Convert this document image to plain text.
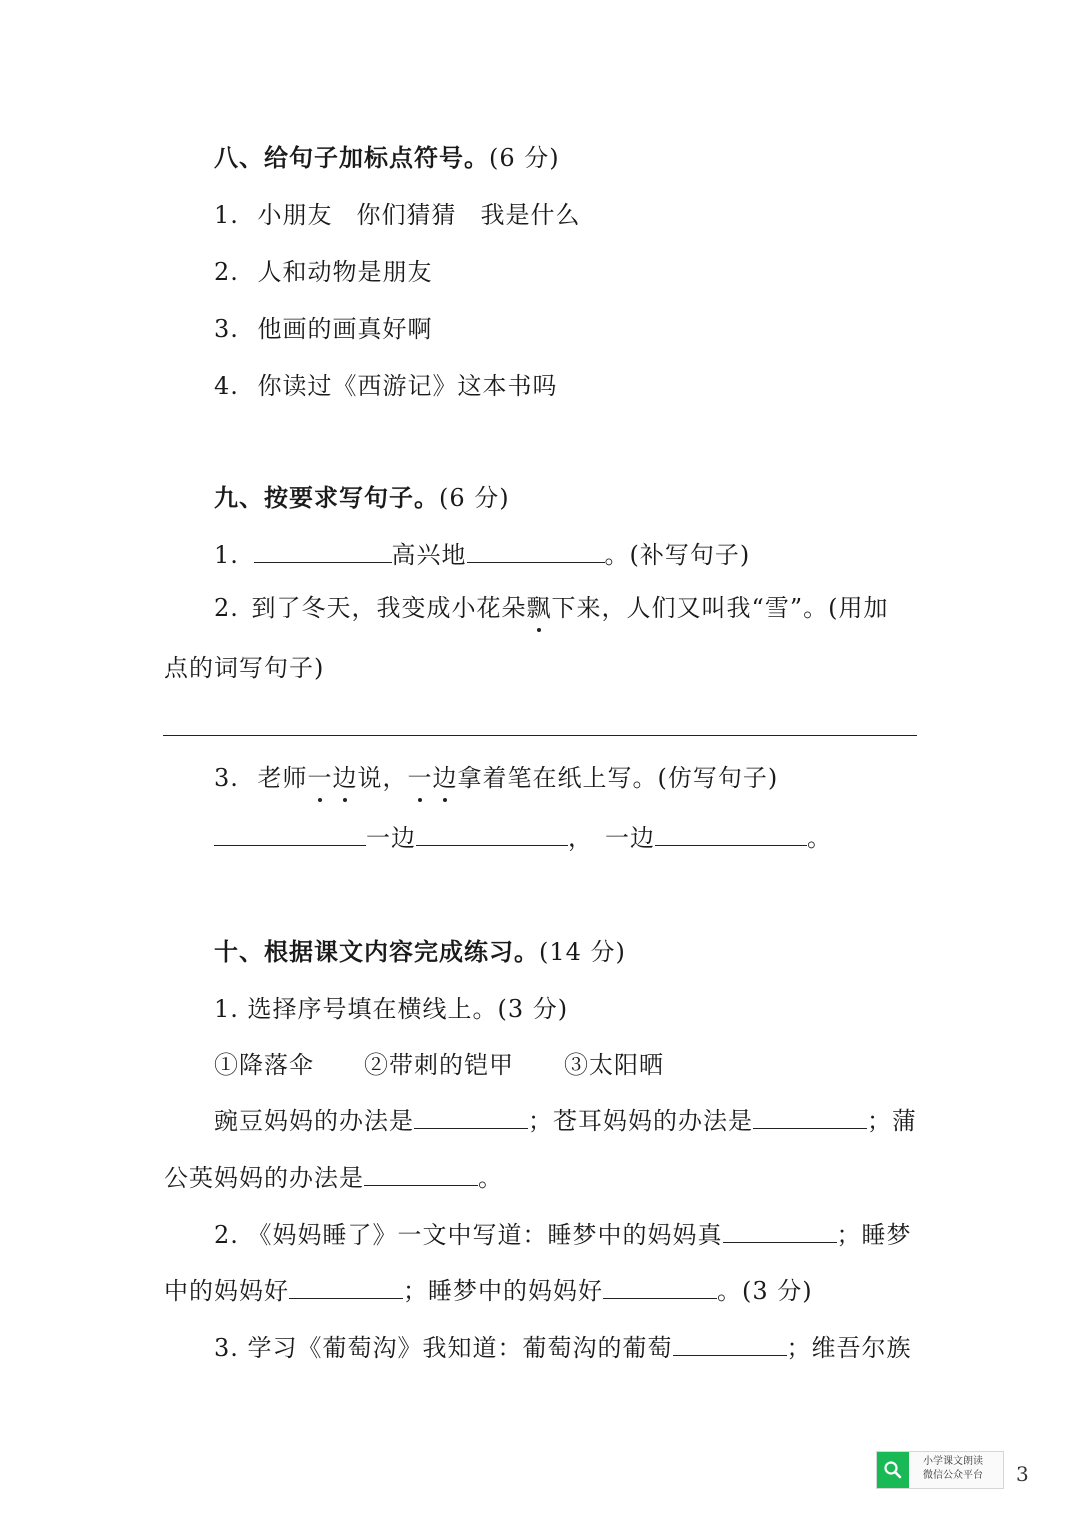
八、给句子加标点符号。(6 分)
1. 小朋友 你们猜猜 我是什么
2. 人和动物是朋友
3. 他画的画真好啊
4. 你读过《西游记》这本书吗
九、按要求写句子。(6 分)
1.	高兴地	。(补写句子)
2. 到了冬天，我变成小花朵飘下来，人们又叫我“雪”。(用加
点的词写句子)
3. 老师一边说，一边拿着笔在纸上写。(仿写句子)
一边	， 一边	。
十、根据课文内容完成练习。(14 分)
1. 选择序号填在横线上。(3 分)
①降落伞 ②带刺的铠甲 ③太阳晒
豌豆妈妈的办法是	；苍耳妈妈的办法是	；蒲
公英妈妈的办法是	。
2. 《妈妈睡了》一文中写道：睡梦中的妈妈真	；睡梦
中的妈妈好	；睡梦中的妈妈好	。(3 分)
3. 学习《葡萄沟》我知道：葡萄沟的葡萄	；维吾尔族
小学课文朗读
微信公众平台 3
